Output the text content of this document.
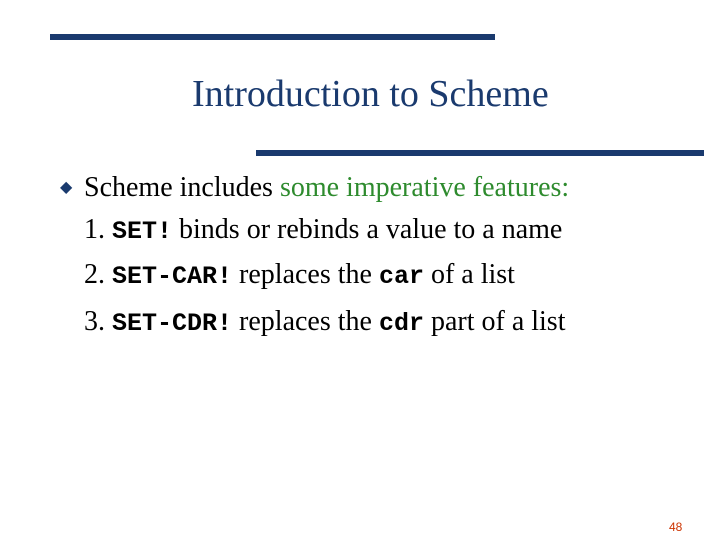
Introduction to Scheme
◆ Scheme includes some imperative features:
1. SET! binds or rebinds a value to a name
2. SET-CAR! replaces the car of a list
3. SET-CDR! replaces the cdr part of a list
48
